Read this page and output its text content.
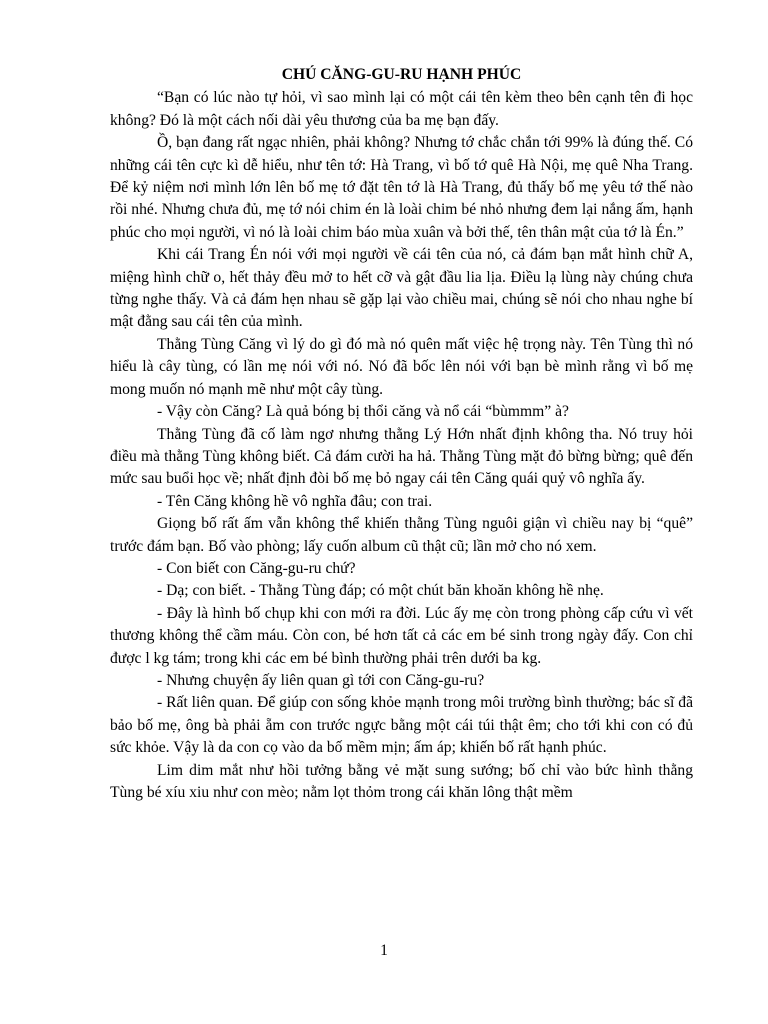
CHÚ CĂNG-GU-RU HẠNH PHÚC

“Bạn có lúc nào tự hỏi, vì sao mình lại có một cái tên kèm theo bên cạnh tên đi học không? Đó là một cách nối dài yêu thương của ba mẹ bạn đấy.

Ồ, bạn đang rất ngạc nhiên, phải không? Nhưng tớ chắc chắn tới 99% là đúng thế. Có những cái tên cực kì dễ hiểu, như tên tớ: Hà Trang, vì bố tớ quê Hà Nội, mẹ quê Nha Trang. Để kỷ niệm nơi mình lớn lên bố mẹ tớ đặt tên tớ là Hà Trang, đủ thấy bố mẹ yêu tớ thế nào rồi nhé. Nhưng chưa đủ, mẹ tớ nói chim én là loài chim bé nhỏ nhưng đem lại nắng ấm, hạnh phúc cho mọi người, vì nó là loài chim báo mùa xuân và bởi thế, tên thân mật của tớ là Én.”

Khi cái Trang Én nói với mọi người về cái tên của nó, cả đám bạn mắt hình chữ A, miệng hình chữ o, hết thảy đều mở to hết cỡ và gật đầu lia lịa. Điều lạ lùng này chúng chưa từng nghe thấy. Và cả đám hẹn nhau sẽ gặp lại vào chiều mai, chúng sẽ nói cho nhau nghe bí mật đằng sau cái tên của mình.

Thằng Tùng Căng vì lý do gì đó mà nó quên mất việc hệ trọng này. Tên Tùng thì nó hiểu là cây tùng, có lần mẹ nói với nó. Nó đã bốc lên nói với bạn bè mình rằng vì bố mẹ mong muốn nó mạnh mẽ như một cây tùng.

- Vậy còn Căng? Là quả bóng bị thổi căng và nổ cái “bùmmm” à?

Thằng Tùng đã cố làm ngơ nhưng thằng Lý Hớn nhất định không tha. Nó truy hỏi điều mà thằng Tùng không biết. Cả đám cười ha hả. Thằng Tùng mặt đỏ bừng bừng; quê đến mức sau buổi học về; nhất định đòi bố mẹ bỏ ngay cái tên Căng quái quỷ vô nghĩa ấy.

- Tên Căng không hề vô nghĩa đâu; con trai.

Giọng bố rất ấm vẫn không thể khiến thằng Tùng nguôi giận vì chiều nay bị “quê” trước đám bạn. Bố vào phòng; lấy cuốn album cũ thật cũ; lần mở cho nó xem.

- Con biết con Căng-gu-ru chứ?

- Dạ; con biết. - Thằng Tùng đáp; có một chút băn khoăn không hề nhẹ.

- Đây là hình bố chụp khi con mới ra đời. Lúc ấy mẹ còn trong phòng cấp cứu vì vết thương không thể cầm máu. Còn con, bé hơn tất cả các em bé sinh trong ngày đấy. Con chỉ được l kg tám; trong khi các em bé bình thường phải trên dưới ba kg.

- Nhưng chuyện ấy liên quan gì tới con Căng-gu-ru?

- Rất liên quan. Để giúp con sống khỏe mạnh trong môi trường bình thường; bác sĩ đã bảo bố mẹ, ông bà phải ẵm con trước ngực bằng một cái túi thật êm; cho tới khi con có đủ sức khỏe. Vậy là da con cọ vào da bố mềm mịn; ấm áp; khiến bố rất hạnh phúc.

Lim dim mắt như hồi tưởng bằng vẻ mặt sung sướng; bố chỉ vào bức hình thằng Tùng bé xíu xiu như con mèo; nằm lọt thỏm trong cái khăn lông thật mềm

1
